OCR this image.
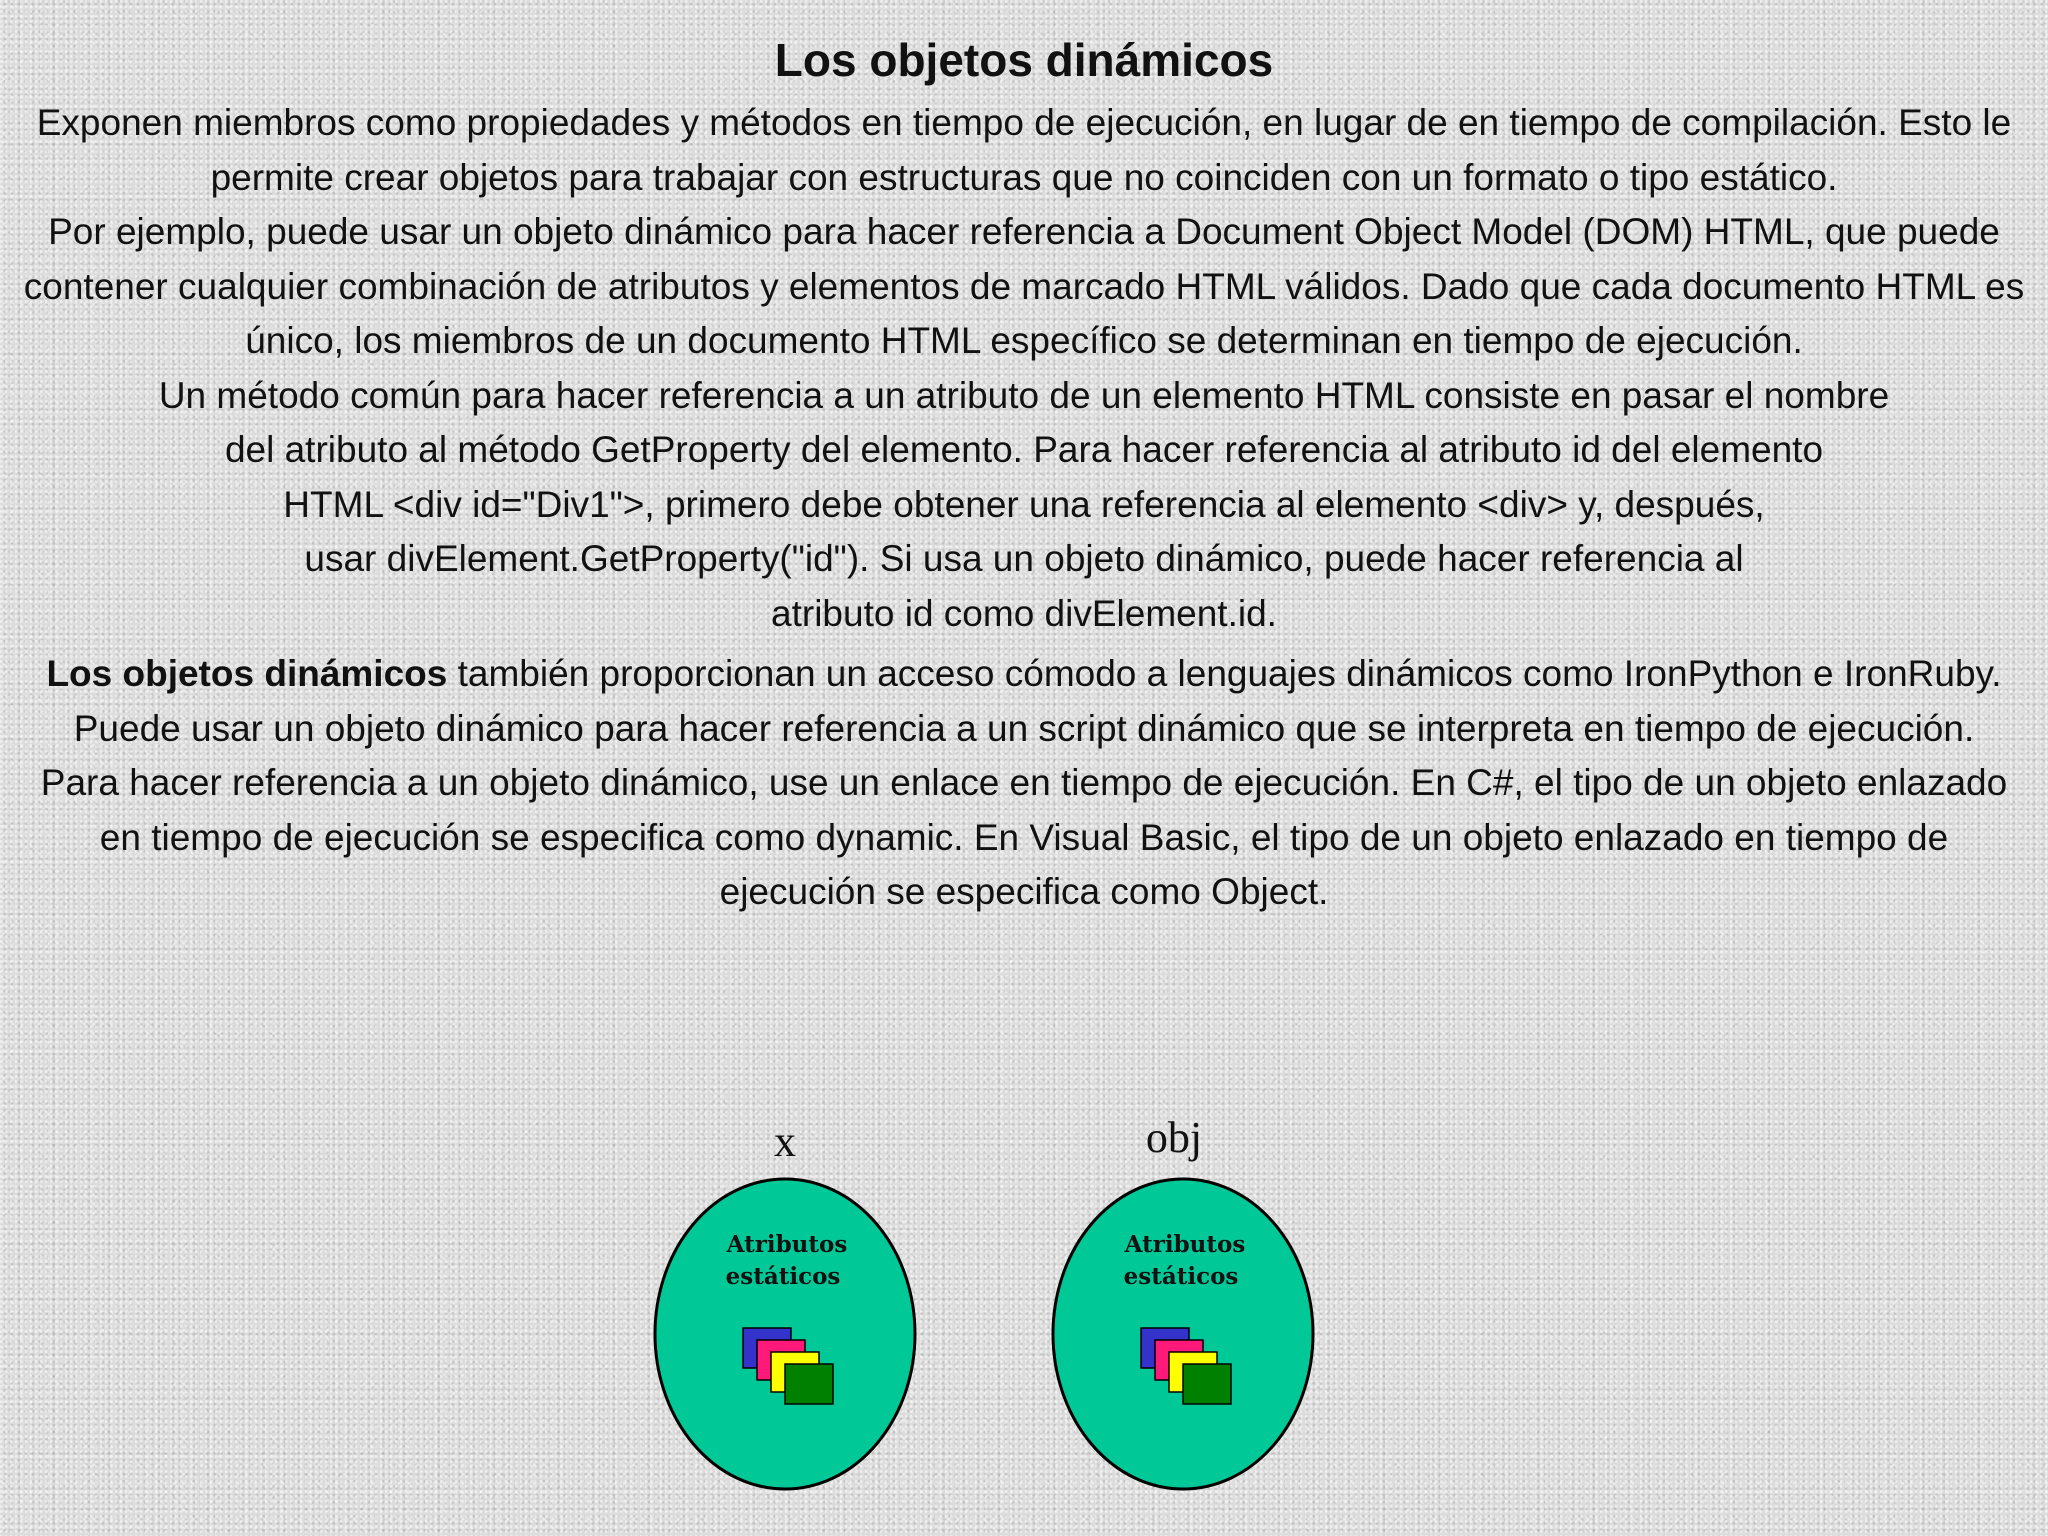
Los objetos dinámicos

Exponen miembros como propiedades y métodos en tiempo de ejecución, en lugar de en tiempo de compilación. Esto le permite crear objetos para trabajar con estructuras que no coinciden con un formato o tipo estático.

Por ejemplo, puede usar un objeto dinámico para hacer referencia a Document Object Model (DOM) HTML, que puede contener cualquier combinación de atributos y elementos de marcado HTML válidos. Dado que cada documento HTML es único, los miembros de un documento HTML específico se determinan en tiempo de ejecución.

Un método común para hacer referencia a un atributo de un elemento HTML consiste en pasar el nombre
del atributo al método GetProperty del elemento. Para hacer referencia al atributo id del elemento
HTML <div id="Div1">, primero debe obtener una referencia al elemento <div> y, después,
usar divElement.GetProperty("id"). Si usa un objeto dinámico, puede hacer referencia al
atributo id como divElement.id.

Los objetos dinámicos también proporcionan un acceso cómodo a lenguajes dinámicos como IronPython e IronRuby. Puede usar un objeto dinámico para hacer referencia a un script dinámico que se interpreta en tiempo de ejecución.

Para hacer referencia a un objeto dinámico, use un enlace en tiempo de ejecución. En C#, el tipo de un objeto enlazado en tiempo de ejecución se especifica como dynamic. En Visual Basic, el tipo de un objeto enlazado en tiempo de ejecución se especifica como Object.

x
Atributos
estáticos
obj
Atributos
estáticos
